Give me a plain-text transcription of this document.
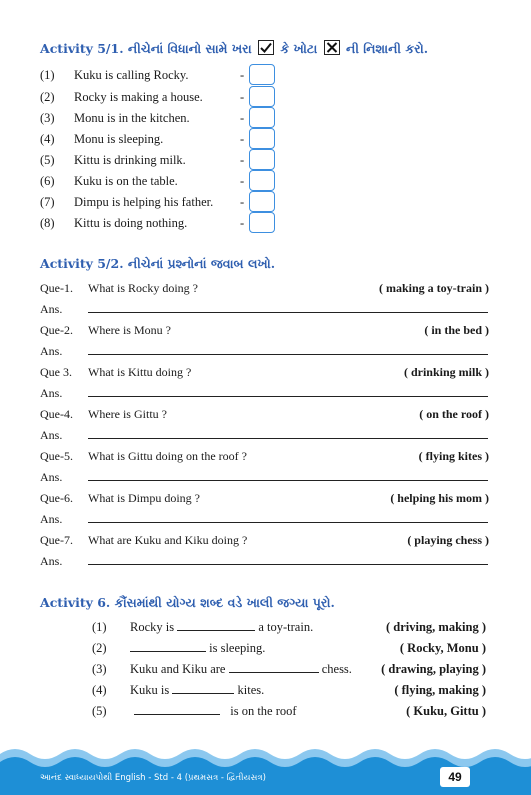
Activity 5/1. નીચેનાં વિધાનો સામે ખરા કે ખોટા ની નિશાની કરો.
(1) Kuku is calling Rocky.	-
(2) Rocky is making a house.	-
(3) Monu is in the kitchen.	-
(4) Monu is sleeping.	-
(5) Kittu is drinking milk.	-
(6) Kuku is on the table.	-
(7) Dimpu is helping his father. -
(8) Kittu is doing nothing.	-
Activity 5/2. નીચેનાં પ્રશ્નોનાં જવાબ લખો.
Que-1. What is Rocky doing ?	( making a toy-train )
Ans.
Que-2. Where is Monu ?	( in the bed )
Ans.
Que 3. What is Kittu doing ?	( drinking milk )
Ans.
Que-4. Where is Gittu ?	( on the roof )
Ans.
Que-5. What is Gittu doing on the roof ?	( flying kites )
Ans.
Que-6. What is Dimpu doing ?	( helping his mom )
Ans.
Que-7. What are Kuku and Kiku doing ?	( playing chess )
Ans.
Activity 6. કૌંસમાંથી યોગ્ય શબ્દ વડે ખાલી જગ્યા પૂરો.
(1) Rocky is	a toy-train.	( driving, making )
(2)	is sleeping.	( Rocky, Monu )
(3) Kuku and Kiku are	chess. ( drawing, playing )
(4) Kuku is	kites.	( flying, making )
(5)	is on the roof	( Kuku, Gittu )
આનંદ સ્વાધ્યાયપોથી English - Std - 4 (પ્રથમસત્ર - દ્વિતીયસત્ર)	49
